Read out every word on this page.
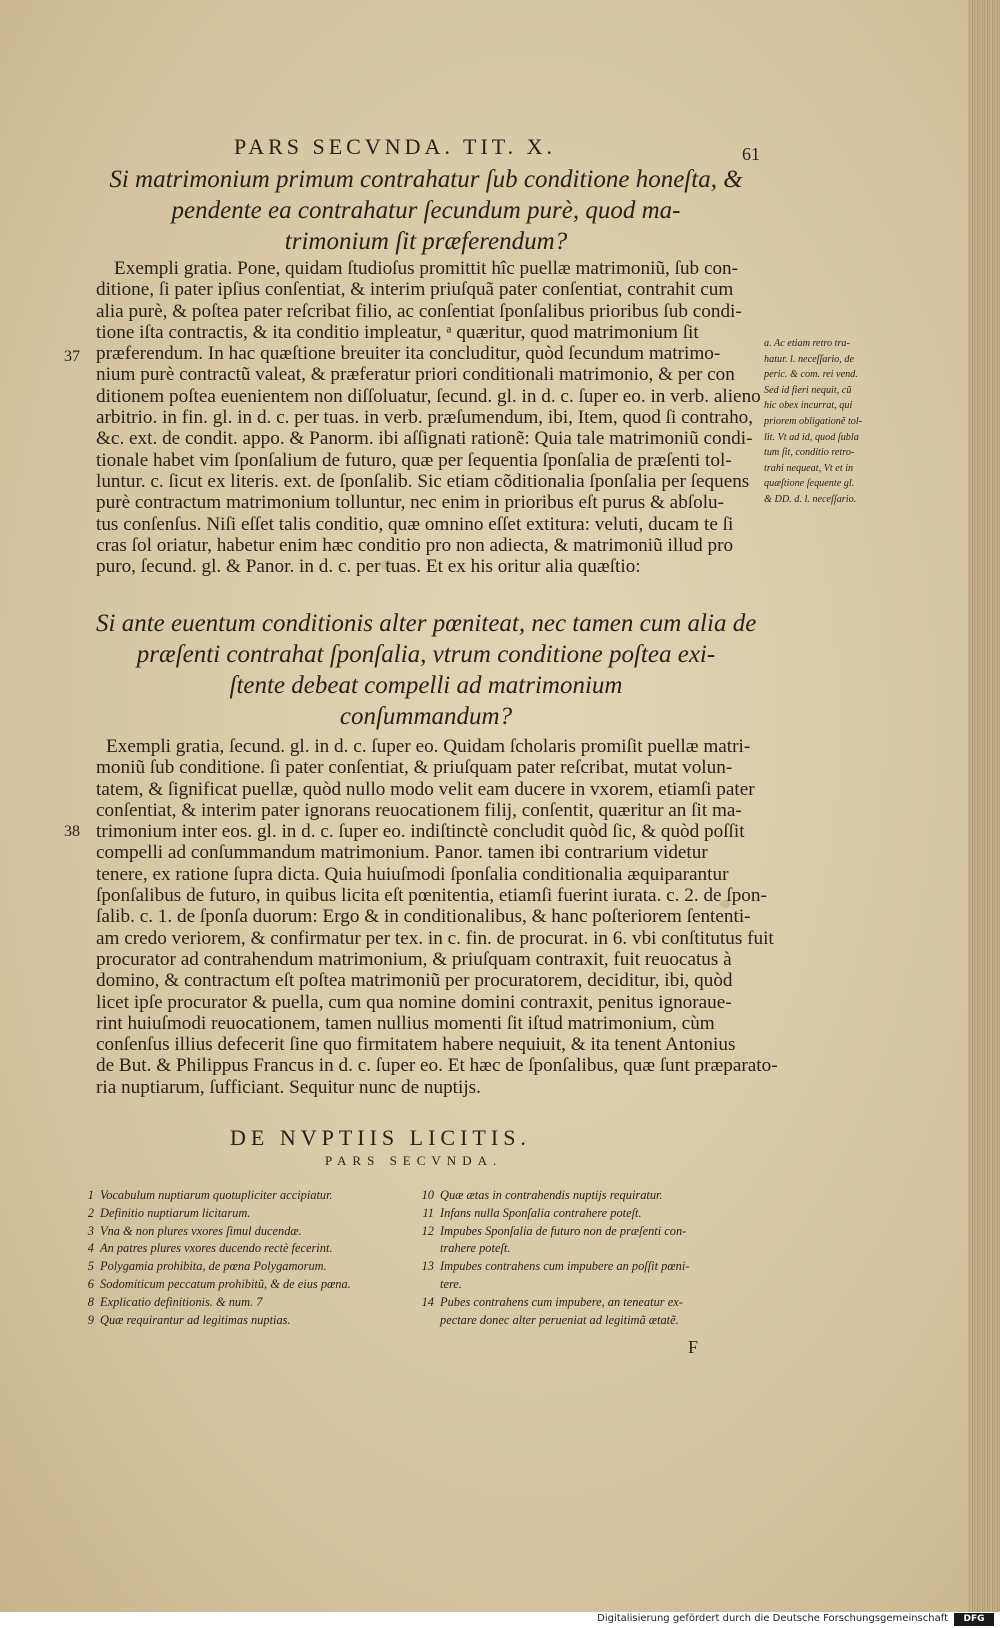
PARS SECVNDA. TIT. X.	61
Si matrimonium primum contrahatur ſub conditione honeſta, &
pendente ea contrahatur ſecundum purè, quod ma-
trimonium ſit præferendum?
Exempli gratia. Pone, quidam ſtudioſus promittit hîc puellæ matrimoniũ, ſub con-
ditione, ſi pater ipſius conſentiat, & interim priuſquã pater conſentiat, contrahit cum
alia purè, & poſtea pater reſcribat filio, ac conſentiat ſponſalibus prioribus ſub condi-
tione iſta contractis, & ita conditio impleatur, ᵃ quæritur, quod matrimonium ſit
præferendum. In hac quæſtione breuiter ita concluditur, quòd ſecundum matrimo-
nium purè contractũ valeat, & præferatur priori conditionali matrimonio, & per con
ditionem poſtea euenientem non diſſoluatur, ſecund. gl. in d. c. ſuper eo. in verb. alieno
arbitrio. in fin. gl. in d. c. per tuas. in verb. præſumendum, ibi, Item, quod ſi contraho,
&c. ext. de condit. appo. & Panorm. ibi aſſignati rationẽ: Quia tale matrimoniũ condi-
tionale habet vim ſponſalium de futuro, quæ per ſequentia ſponſalia de præſenti tol-
luntur. c. ſicut ex literis. ext. de ſponſalib. Sic etiam cõditionalia ſponſalia per ſequens
purè contractum matrimonium tolluntur, nec enim in prioribus eſt purus & abſolu-
tus conſenſus. Niſi eſſet talis conditio, quæ omnino eſſet extitura: veluti, ducam te ſi
cras ſol oriatur, habetur enim hæc conditio pro non adiecta, & matrimoniũ illud pro
puro, ſecund. gl. & Panor. in d. c. per tuas. Et ex his oritur alia quæſtio:
37
a. Ac etiam retro tra-
hatur. l. neceſſario, de
peric. & com. rei vend.
Sed id fieri nequit, cũ
hic obex incurrat, qui
priorem obligationẽ tol-
lit. Vt ad id, quod ſubla
tum ſit, conditio retro-
trahi nequeat, Vt et in
quæſtione ſequente gl.
& DD. d. l. neceſſario.
Si ante euentum conditionis alter pœniteat, nec tamen cum alia de
præſenti contrahat ſponſalia, vtrum conditione poſtea exi-
ſtente debeat compelli ad matrimonium
conſummandum?
Exempli gratia, ſecund. gl. in d. c. ſuper eo. Quidam ſcholaris promiſit puellæ matri-
moniũ ſub conditione. ſi pater conſentiat, & priuſquam pater reſcribat, mutat volun-
tatem, & ſignificat puellæ, quòd nullo modo velit eam ducere in vxorem, etiamſi pater
conſentiat, & interim pater ignorans reuocationem filij, conſentit, quæritur an ſit ma-
trimonium inter eos. gl. in d. c. ſuper eo. indiſtinctè concludit quòd ſic, & quòd poſſit
compelli ad conſummandum matrimonium. Panor. tamen ibi contrarium videtur
tenere, ex ratione ſupra dicta. Quia huiuſmodi ſponſalia conditionalia æquiparantur
ſponſalibus de futuro, in quibus licita eſt pœnitentia, etiamſi fuerint iurata. c. 2. de ſpon-
ſalib. c. 1. de ſponſa duorum: Ergo & in conditionalibus, & hanc poſteriorem ſententi-
am credo veriorem, & confirmatur per tex. in c. fin. de procurat. in 6. vbi conſtitutus fuit
procurator ad contrahendum matrimonium, & priuſquam contraxit, fuit reuocatus à
domino, & contractum eſt poſtea matrimoniũ per procuratorem, deciditur, ibi, quòd
licet ipſe procurator & puella, cum qua nomine domini contraxit, penitus ignoraue-
rint huiuſmodi reuocationem, tamen nullius momenti ſit iſtud matrimonium, cùm
conſenſus illius defecerit ſine quo firmitatem habere nequiuit, & ita tenent Antonius
de But. & Philippus Francus in d. c. ſuper eo. Et hæc de ſponſalibus, quæ ſunt præparato-
ria nuptiarum, ſufficiant. Sequitur nunc de nuptijs.
38
DE NVPTIIS LICITIS.
PARS SECVNDA.
1 Vocabulum nuptiarum quotupliciter accipiatur.
2 Definitio nuptiarum licitarum.
3 Vna & non plures vxores ſimul ducendæ.
4 An patres plures vxores ducendo rectè fecerint.
5 Polygamia prohibita, de pœna Polygamorum.
6 Sodomiticum peccatum prohibitũ, & de eius pœna.
8 Explicatio definitionis. & num. 7
9 Quæ requirantur ad legitimas nuptias.
10 Quæ ætas in contrahendis nuptijs requiratur.
11 Infans nulla Sponſalia contrahere poteſt.
12 Impubes Sponſalia de futuro non de præſenti con-
trahere poteſt.
13 Impubes contrahens cum impubere an poſſit pœni-
tere.
14 Pubes contrahens cum impubere, an teneatur ex-
pectare donec alter perueniat ad legitimã ætatẽ.
F
Digitalisierung gefördert durch die Deutsche Forschungsgemeinschaft	DFG
